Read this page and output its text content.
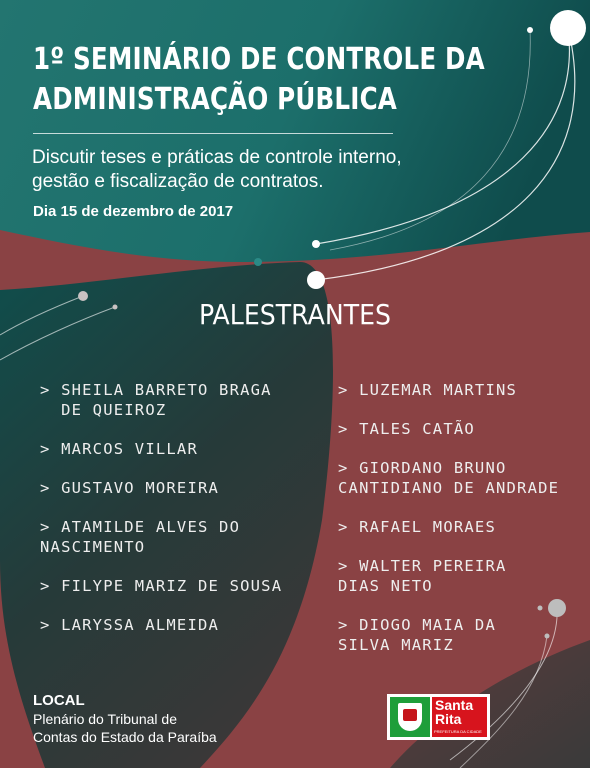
1º SEMINÁRIO DE CONTROLE DA
ADMINISTRAÇÃO PÚBLICA
Discutir teses e práticas de controle interno,
gestão e fiscalização de contratos.
Dia 15 de dezembro de 2017
PALESTRANTES
> SHEILA BARRETO BRAGA
DE QUEIROZ
> MARCOS VILLAR
> GUSTAVO MOREIRA
> ATAMILDE ALVES DO
NASCIMENTO
> FILYPE MARIZ DE SOUSA
> LARYSSA ALMEIDA
> LUZEMAR MARTINS
> TALES CATÃO
> GIORDANO BRUNO
CANTIDIANO DE ANDRADE
> RAFAEL MORAES
> WALTER PEREIRA
DIAS NETO
> DIOGO MAIA DA
SILVA MARIZ
LOCAL
Plenário do Tribunal de
Contas do Estado da Paraíba
Santa Rita
PREFEITURA DA CIDADE
